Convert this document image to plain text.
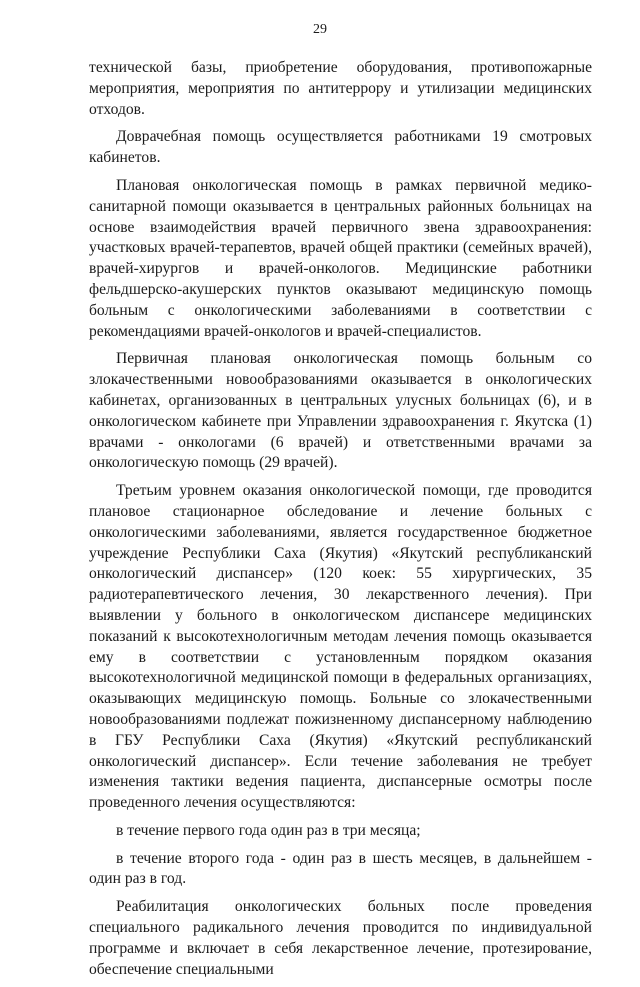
29

технической базы, приобретение оборудования, противопожарные мероприятия, мероприятия по антитеррору и утилизации медицинских отходов.

Доврачебная помощь осуществляется работниками 19 смотровых кабинетов.

Плановая онкологическая помощь в рамках первичной медико-санитарной помощи оказывается в центральных районных больницах на основе взаимодействия врачей первичного звена здравоохранения: участковых врачей-терапевтов, врачей общей практики (семейных врачей), врачей-хирургов и врачей-онкологов. Медицинские работники фельдшерско-акушерских пунктов оказывают медицинскую помощь больным с онкологическими заболеваниями в соответствии с рекомендациями врачей-онкологов и врачей-специалистов.

Первичная плановая онкологическая помощь больным со злокачественными новообразованиями оказывается в онкологических кабинетах, организованных в центральных улусных больницах (6), и в онкологическом кабинете при Управлении здравоохранения г. Якутска (1) врачами - онкологами (6 врачей) и ответственными врачами за онкологическую помощь (29 врачей).

Третьим уровнем оказания онкологической помощи, где проводится плановое стационарное обследование и лечение больных с онкологическими заболеваниями, является государственное бюджетное учреждение Республики Саха (Якутия) «Якутский республиканский онкологический диспансер» (120 коек: 55 хирургических, 35 радиотерапевтического лечения, 30 лекарственного лечения). При выявлении у больного в онкологическом диспансере медицинских показаний к высокотехнологичным методам лечения помощь оказывается ему в соответствии с установленным порядком оказания высокотехнологичной медицинской помощи в федеральных организациях, оказывающих медицинскую помощь. Больные со злокачественными новообразованиями подлежат пожизненному диспансерному наблюдению в ГБУ Республики Саха (Якутия) «Якутский республиканский онкологический диспансер». Если течение заболевания не требует изменения тактики ведения пациента, диспансерные осмотры после проведенного лечения осуществляются:

в течение первого года один раз в три месяца;

в течение второго года - один раз в шесть месяцев, в дальнейшем - один раз в год.

Реабилитация онкологических больных после проведения специального радикального лечения проводится по индивидуальной программе и включает в себя лекарственное лечение, протезирование, обеспечение специальными
